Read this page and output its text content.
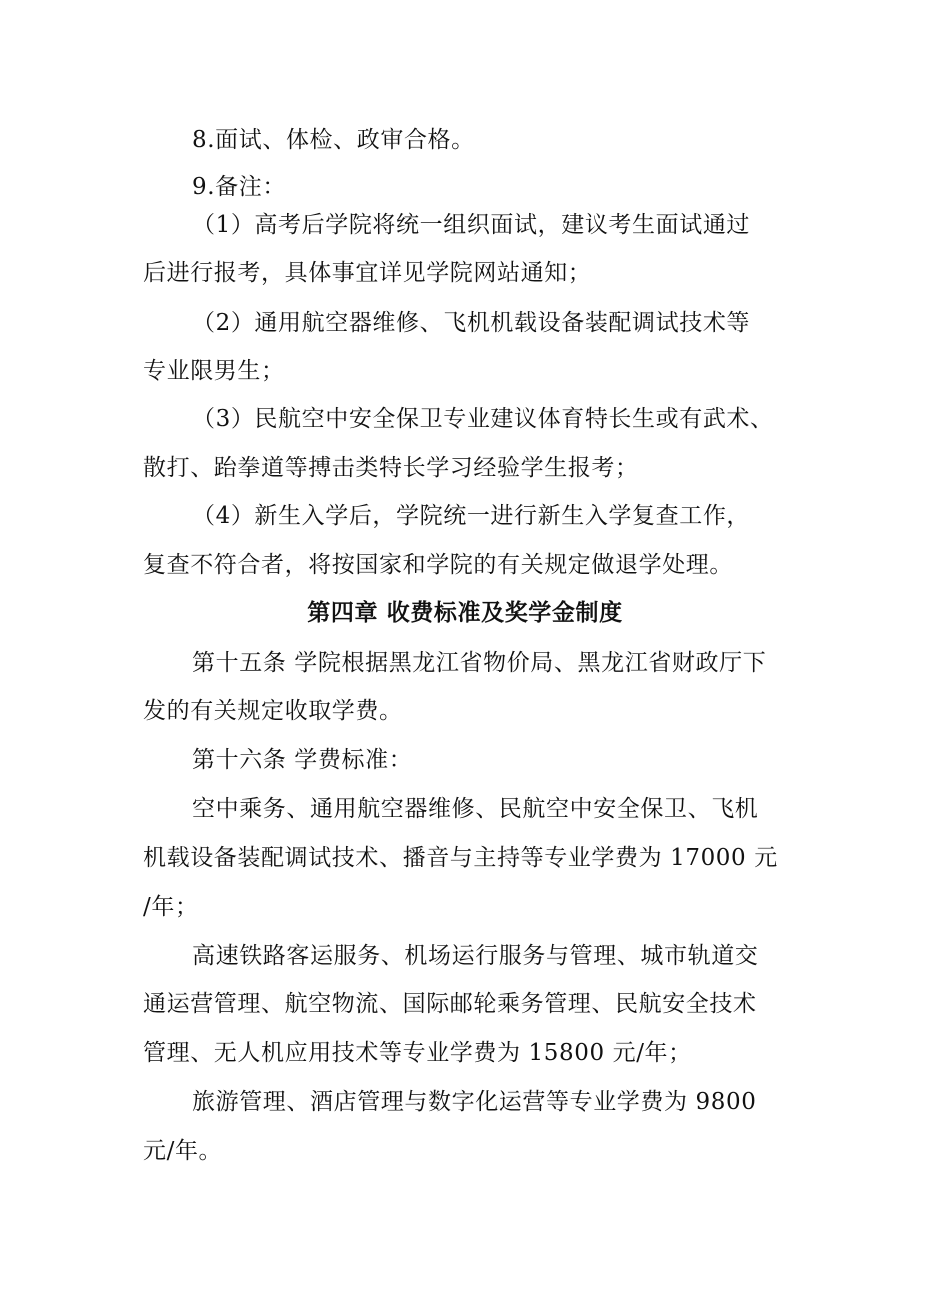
8.面试、体检、政审合格。
9.备注：
（1）高考后学院将统一组织面试，建议考生面试通过
后进行报考，具体事宜详见学院网站通知；
（2）通用航空器维修、飞机机载设备装配调试技术等
专业限男生；
（3）民航空中安全保卫专业建议体育特长生或有武术、
散打、跆拳道等搏击类特长学习经验学生报考；
（4）新生入学后，学院统一进行新生入学复查工作，
复查不符合者，将按国家和学院的有关规定做退学处理。
第四章 收费标准及奖学金制度
第十五条 学院根据黑龙江省物价局、黑龙江省财政厅下
发的有关规定收取学费。
第十六条 学费标准：
空中乘务、通用航空器维修、民航空中安全保卫、飞机
机载设备装配调试技术、播音与主持等专业学费为 17000 元
/年；
高速铁路客运服务、机场运行服务与管理、城市轨道交
通运营管理、航空物流、国际邮轮乘务管理、民航安全技术
管理、无人机应用技术等专业学费为 15800 元/年；
旅游管理、酒店管理与数字化运营等专业学费为 9800
元/年。
